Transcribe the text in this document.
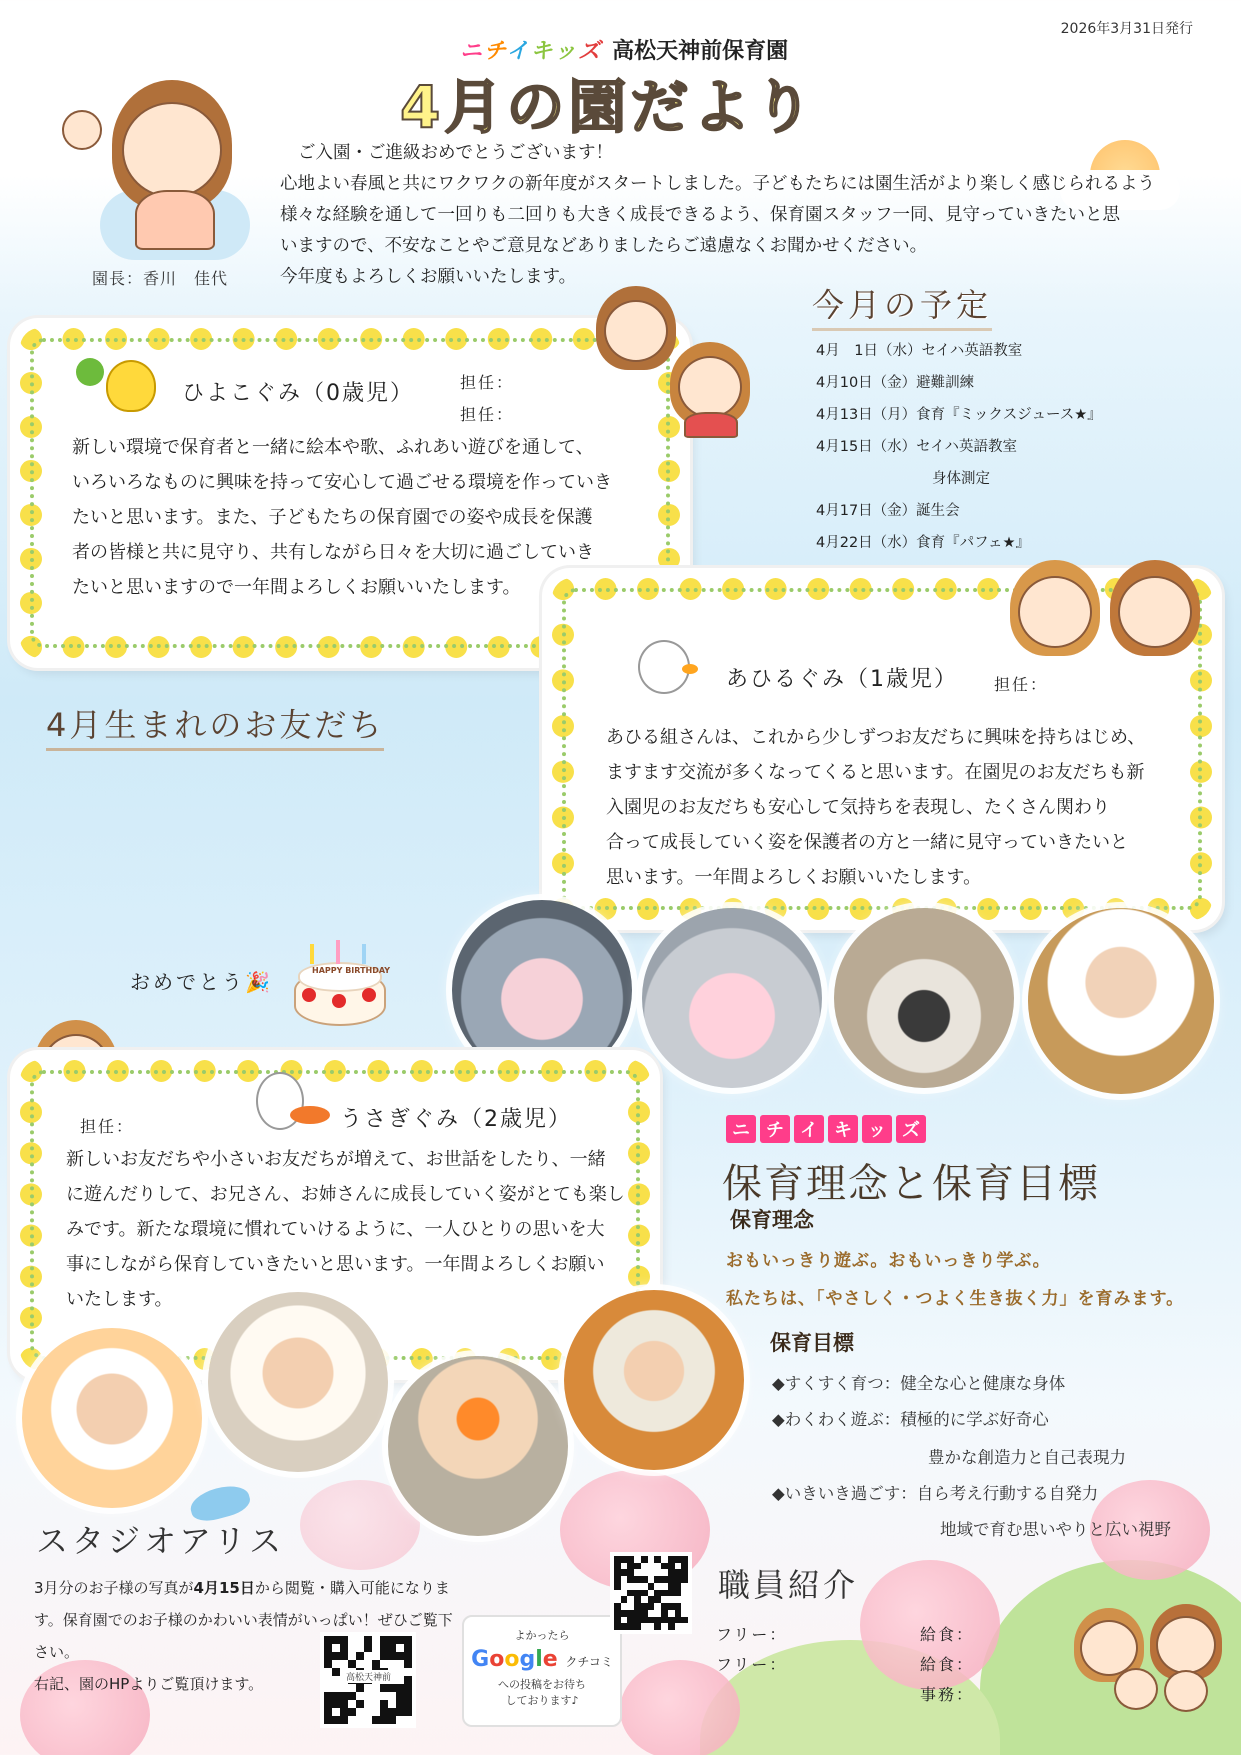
2026年3月31日発行
ニチイキッズ 高松天神前保育園
4月の園だより

ご入園・ご進級おめでとうございます！

心地よい春風と共にワクワクの新年度がスタートしました。子どもたちには園生活がより楽しく感じられるよう

様々な経験を通して一回りも二回りも大きく成長できるよう、保育園スタッフ一同、見守っていきたいと思

いますので、不安なことやご意見などありましたらご遠慮なくお聞かせください。

今年度もよろしくお願いいたします。

園長：香川　佳代
ひよこぐみ（0歳児）	担任：
担任：

新しい環境で保育者と一緒に絵本や歌、ふれあい遊びを通して、

いろいろなものに興味を持って安心して過ごせる環境を作っていき

たいと思います。また、子どもたちの保育園での姿や成長を保護

者の皆様と共に見守り、共有しながら日々を大切に過ごしていき

たいと思いますので一年間よろしくお願いいたします。

今月の予定
4月　1日（水）セイハ英語教室
4月10日（金）避難訓練
4月13日（月）食育『ミックスジュース★』
4月15日（水）セイハ英語教室
身体測定
4月17日（金）誕生会
4月22日（水）食育『パフェ★』
あひるぐみ（1歳児） 担任：

あひる組さんは、これから少しずつお友だちに興味を持ちはじめ、

ますます交流が多くなってくると思います。在園児のお友だちも新

入園児のお友だちも安心して気持ちを表現し、たくさん関わり

合って成長していく姿を保護者の方と一緒に見守っていきたいと

思います。一年間よろしくお願いいたします。

4月生まれのお友だち
おめでとう🎉	HAPPY BIRTHDAY
担任：	うさぎぐみ（2歳児）

新しいお友だちや小さいお友だちが増えて、お世話をしたり、一緒

に遊んだりして、お兄さん、お姉さんに成長していく姿がとても楽し

みです。新たな環境に慣れていけるように、一人ひとりの思いを大

事にしながら保育していきたいと思います。一年間よろしくお願い

いたします。

ニ チ イ キ ッ ズ
保育理念と保育目標
保育理念
おもいっきり遊ぶ。おもいっきり学ぶ。
私たちは、「やさしく・つよく生き抜く力」を育みます。
保育目標
◆すくすく育つ：健全な心と健康な身体
◆わくわく遊ぶ：積極的に学ぶ好奇心
豊かな創造力と自己表現力
◆いきいき過ごす：自ら考え行動する自発力
地域で育む思いやりと広い視野
スタジオアリス

3月分のお子様の写真が4月15日から閲覧・購入可能になります。保育園でのお子様のかわいい表情がいっぱい！ぜひご覧下さい。

右記、園のHPよりご覧頂けます。	高松天神前
よかったら
Google クチコミ
への投稿をお待ち
しております♪
職員紹介
フリー：
フリー：
給食：
給食：
事務：
